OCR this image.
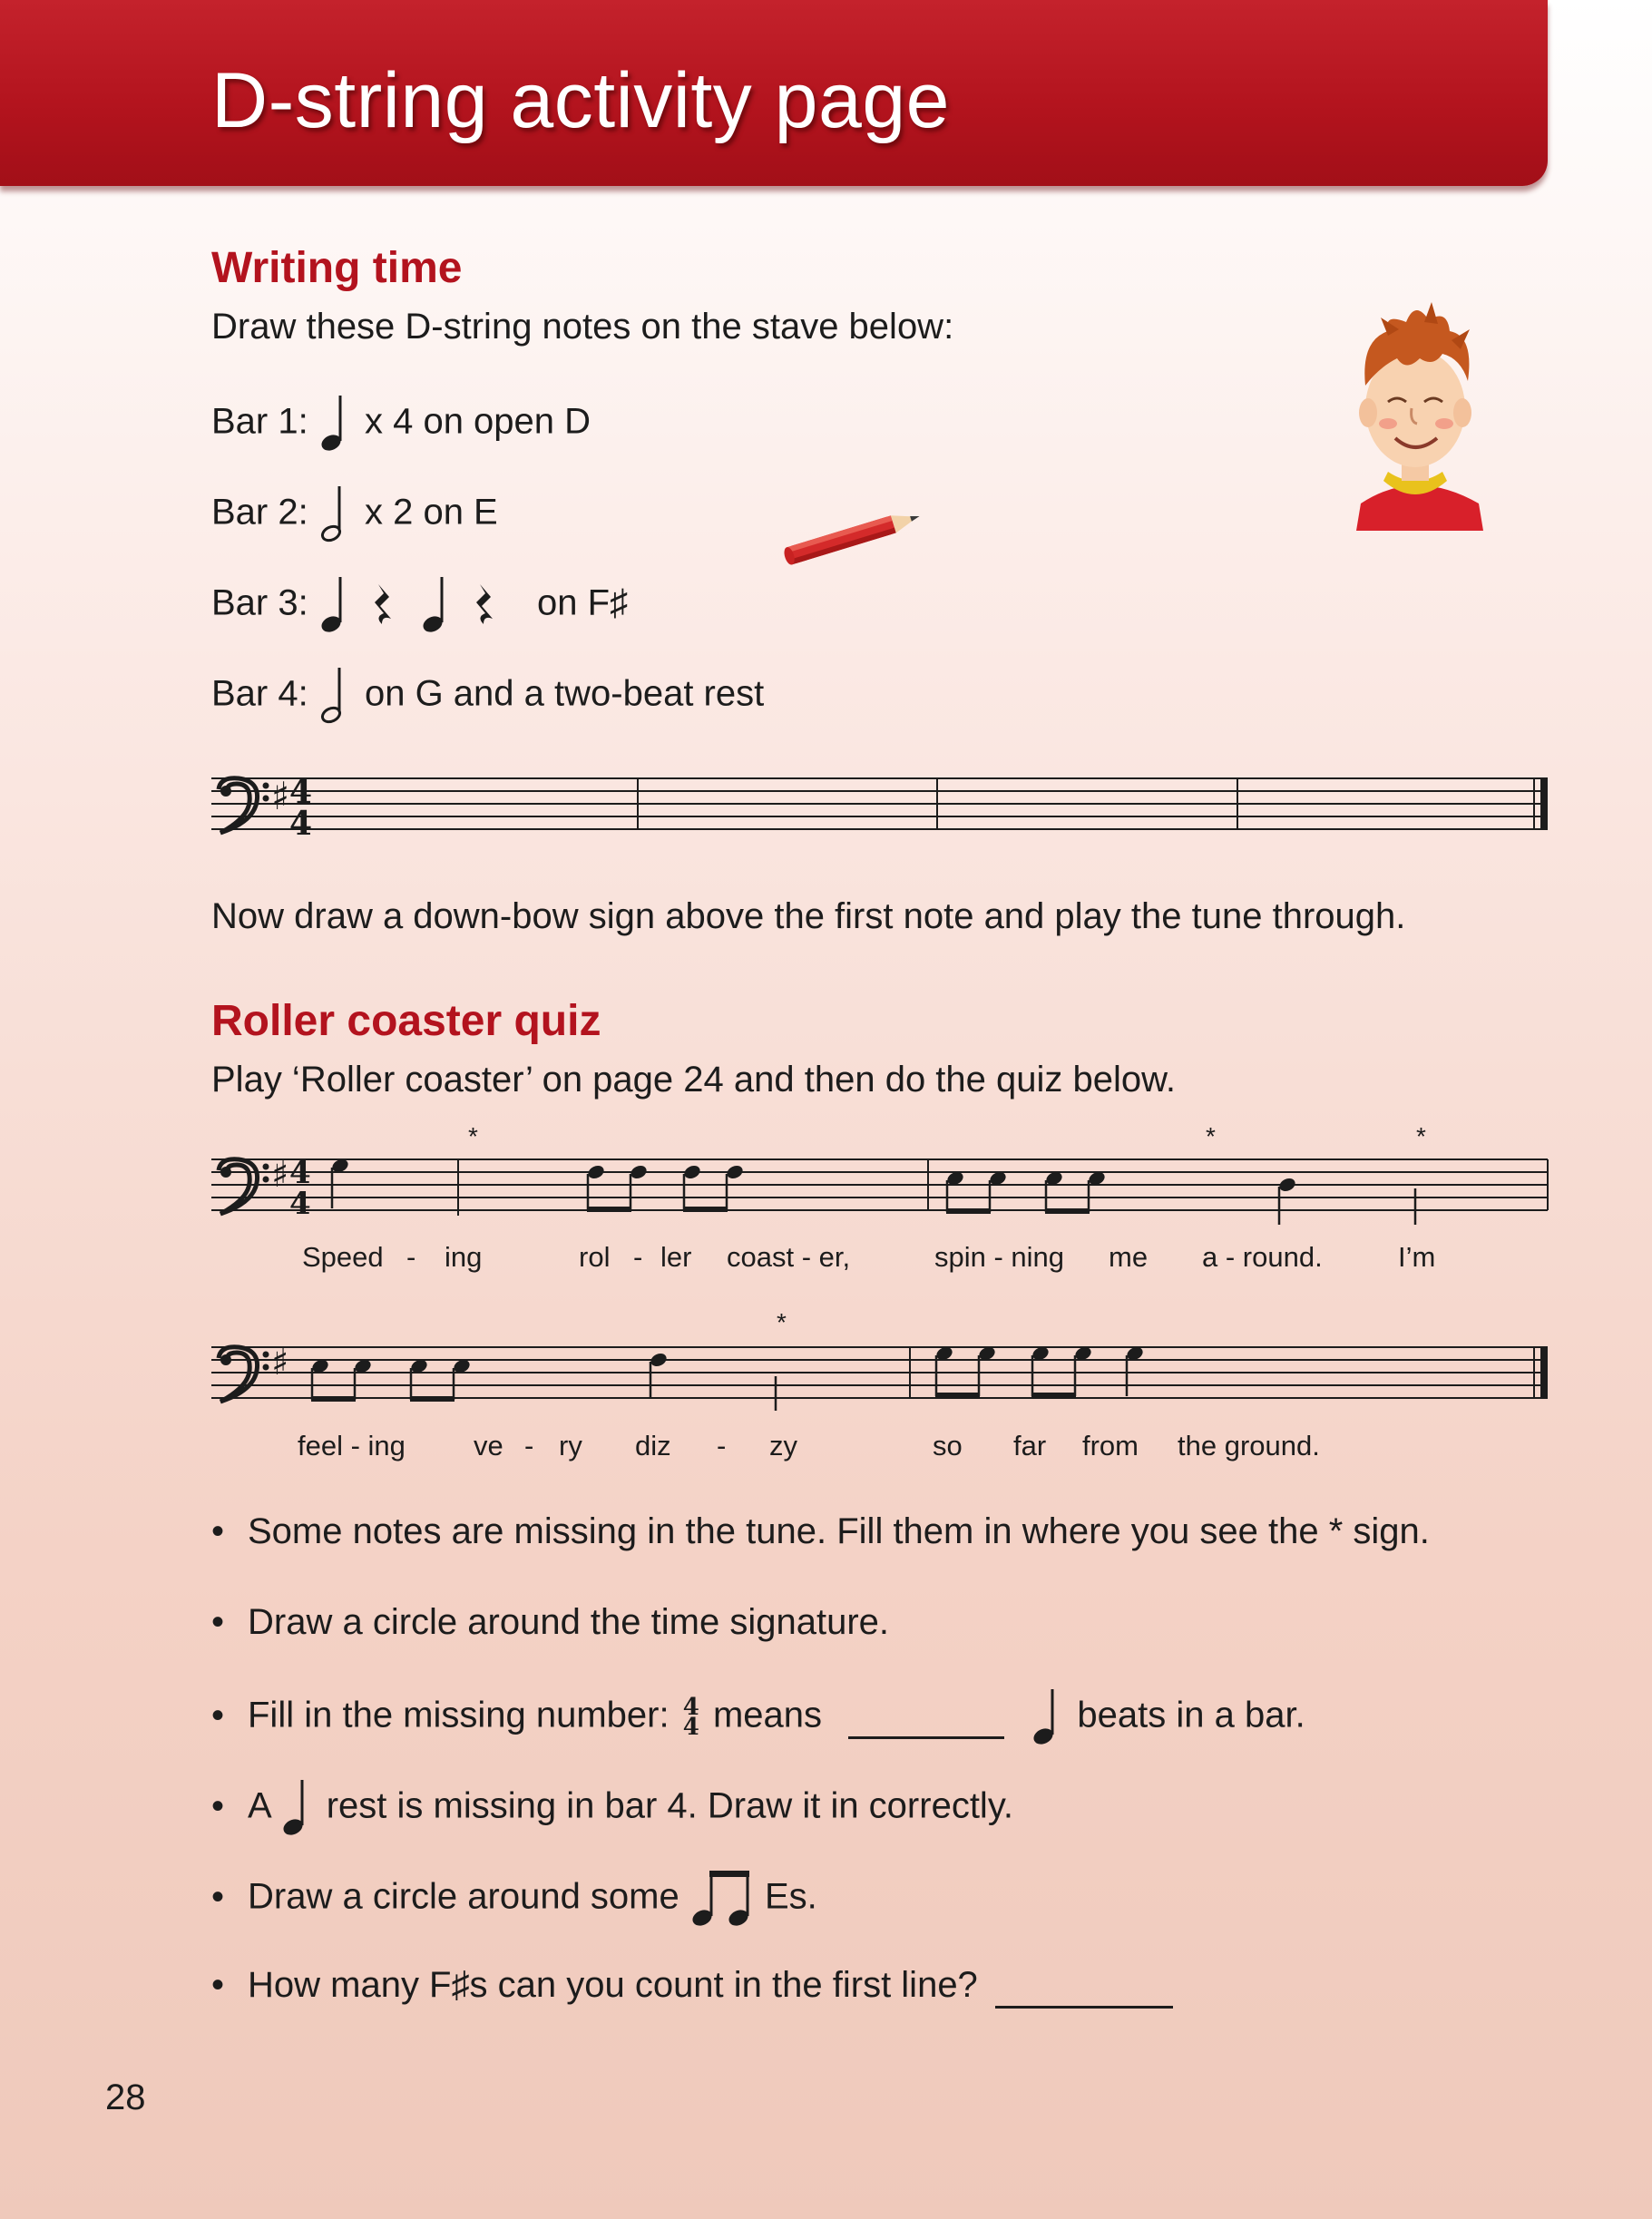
D-string activity page
Writing time
Draw these D-string notes on the stave below:
Bar 1: x 4 on open D
Bar 2: x 2 on E
Bar 3:	on F♯
Bar 4: on G and a two-beat rest
♯ 4
4
Now draw a down-bow sign above the first note and play the tune through.
Roller coaster quiz
Play ‘Roller coaster’ on page 24 and then do the quiz below.
♯ 4
4
*	*	*
Speed - ing	rol - ler coast - er,	spin - ning me a - round.	I’m
♯
*
feel - ing ve - ry diz - zy	so far from the ground.
• Some notes are missing in the tune. Fill them in where you see the * sign.
• Draw a circle around the time signature.
• Fill in the missing number: 4
4 means	beats in a bar.
• A rest is missing in bar 4. Draw it in correctly.
• Draw a circle around some Es.
• How many F♯s can you count in the first line?
28
